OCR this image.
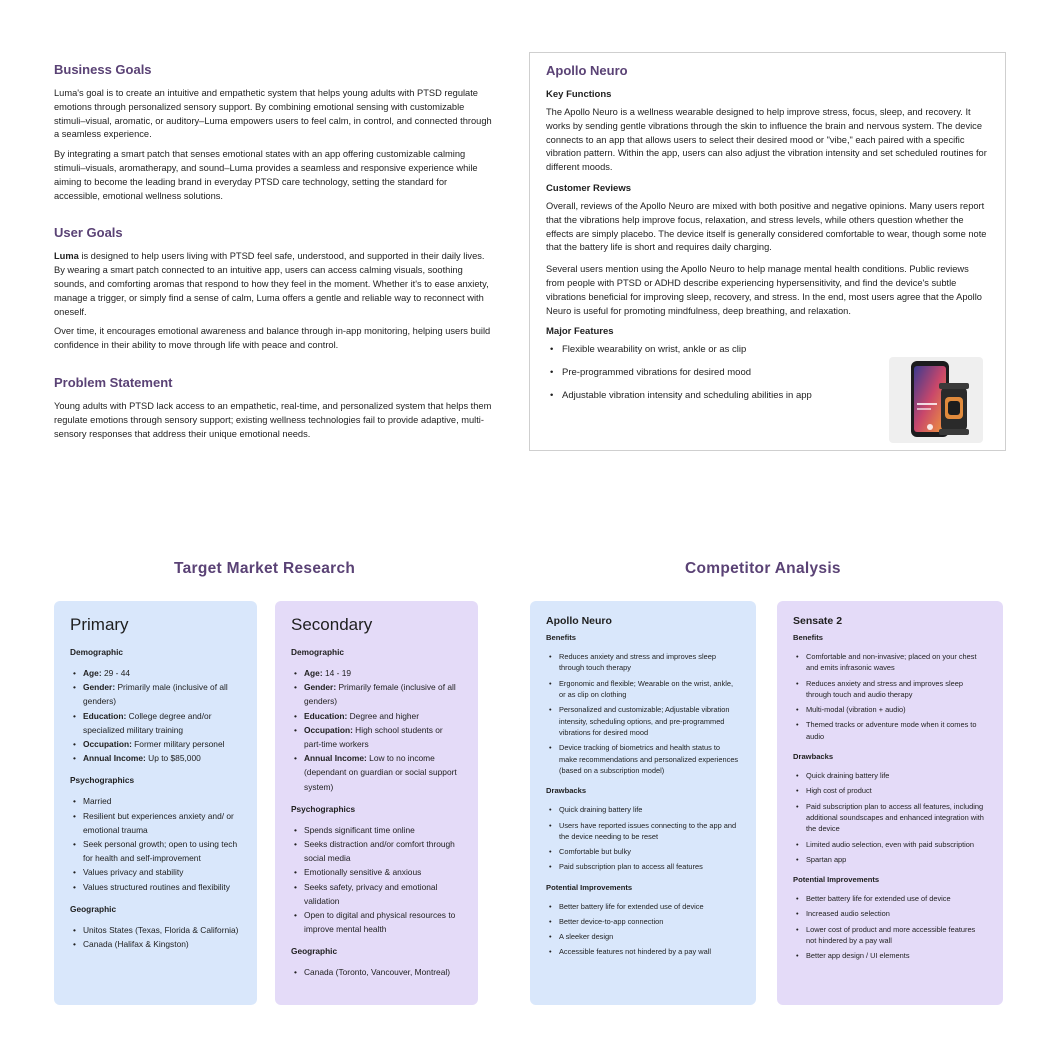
Business Goals

Luma's goal is to create an intuitive and empathetic system that helps young adults with PTSD regulate emotions through personalized sensory support. By combining emotional sensing with customizable stimuli–visual, aromatic, or auditory–Luma empowers users to feel calm, in control, and connected through a seamless experience.

By integrating a smart patch that senses emotional states with an app offering customizable calming stimuli–visuals, aromatherapy, and sound–Luma provides a seamless and responsive experience while aiming to become the leading brand in everyday PTSD care technology, setting the standard for accessible, emotional wellness solutions.

User Goals

Luma is designed to help users living with PTSD feel safe, understood, and supported in their daily lives. By wearing a smart patch connected to an intuitive app, users can access calming visuals, soothing sounds, and comforting aromas that respond to how they feel in the moment. Whether it's to ease anxiety, manage a trigger, or simply find a sense of calm, Luma offers a gentle and reliable way to reconnect with oneself.

Over time, it encourages emotional awareness and balance through in-app monitoring, helping users build confidence in their ability to move through life with peace and control.

Problem Statement

Young adults with PTSD lack access to an empathetic, real-time, and personalized system that helps them regulate emotions through sensory support; existing wellness technologies fail to provide adaptive, multi-sensory responses that address their unique emotional needs.

Apollo Neuro
Key Functions

The Apollo Neuro is a wellness wearable designed to help improve stress, focus, sleep, and recovery. It works by sending gentle vibrations through the skin to influence the brain and nervous system. The device connects to an app that allows users to select their desired mood or "vibe," each paired with a specific vibration pattern. Within the app, users can also adjust the vibration intensity and set scheduled routines for different moods.

Customer Reviews

Overall, reviews of the Apollo Neuro are mixed with both positive and negative opinions. Many users report that the vibrations help improve focus, relaxation, and stress levels, while others question whether the effects are simply placebo. The device itself is generally considered comfortable to wear, though some note that the battery life is short and requires daily charging.

Several users mention using the Apollo Neuro to help manage mental health conditions. Public reviews from people with PTSD or ADHD describe experiencing hypersensitivity, and find the device's subtle vibrations beneficial for improving sleep, recovery, and stress. In the end, most users agree that the Apollo Neuro is useful for promoting mindfulness, deep breathing, and relaxation.

Major Features
• Flexible wearability on wrist, ankle or as clip
• Pre-programmed vibrations for desired mood
• Adjustable vibration intensity and scheduling abilities in app
Target Market Research	Competitor Analysis
Primary
Demographic
• Age: 29 - 44
• Gender: Primarily male (inclusive of all genders)
• Education: College degree and/or specialized military training
• Occupation: Former military personel
• Annual Income: Up to $85,000
Psychographics
• Married
• Resilient but experiences anxiety and/ or emotional trauma
• Seek personal growth; open to using tech for health and self-improvement
• Values privacy and stability
• Values structured routines and flexibility
Geographic
• Unitos States (Texas, Florida & California)
• Canada (Halifax & Kingston)
Secondary
Demographic
• Age: 14 - 19
• Gender: Primarily female (inclusive of all genders)
• Education: Degree and higher
• Occupation: High school students or part-time workers
• Annual Income: Low to no income (dependant on guardian or social support system)
Psychographics
• Spends significant time online
• Seeks distraction and/or comfort through social media
• Emotionally sensitive & anxious
• Seeks safety, privacy and emotional validation
• Open to digital and physical resources to improve mental health
Geographic
• Canada (Toronto, Vancouver, Montreal)
Apollo Neuro
Benefits
• Reduces anxiety and stress and improves sleep through touch therapy
• Ergonomic and flexible; Wearable on the wrist, ankle, or as clip on clothing
• Personalized and customizable; Adjustable vibration intensity, scheduling options, and pre-programmed vibrations for desired mood
• Device tracking of biometrics and health status to make recommendations and personalized experiences (based on a subscription model)
Drawbacks
• Quick draining battery life
• Users have reported issues connecting to the app and the device needing to be reset
• Comfortable but bulky
• Paid subscription plan to access all features
Potential Improvements
• Better battery life for extended use of device
• Better device-to-app connection
• A sleeker design
• Accessible features not hindered by a pay wall
Sensate 2
Benefits
• Comfortable and non-invasive; placed on your chest and emits infrasonic waves
• Reduces anxiety and stress and improves sleep through touch and audio therapy
• Multi-modal (vibration + audio)
• Themed tracks or adventure mode when it comes to audio
Drawbacks
• Quick draining battery life
• High cost of product
• Paid subscription plan to access all features, including additional soundscapes and enhanced integration with the device
• Limited audio selection, even with paid subscription
• Spartan app
Potential Improvements
• Better battery life for extended use of device
• Increased audio selection
• Lower cost of product and more accessible features not hindered by a pay wall
• Better app design / UI elements
